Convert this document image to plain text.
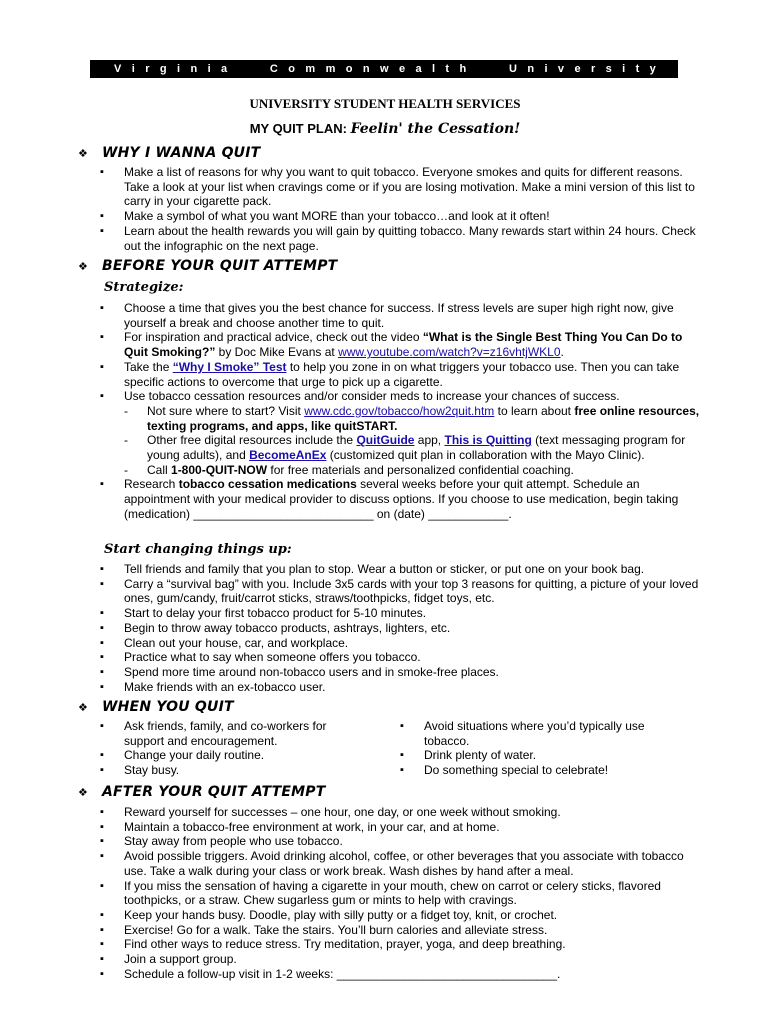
V i r g i n i a	C o m m o n w e a l t h	U n i v e r s i t y
UNIVERSITY STUDENT HEALTH SERVICES
MY QUIT PLAN: Feelin' the Cessation!
❖ WHY I WANNA QUIT
▪ Make a list of reasons for why you want to quit tobacco. Everyone smokes and quits for different reasons. Take a look at your list when cravings come or if you are losing motivation. Make a mini version of this list to carry in your cigarette pack.
▪ Make a symbol of what you want MORE than your tobacco…and look at it often!
▪ Learn about the health rewards you will gain by quitting tobacco. Many rewards start within 24 hours. Check out the infographic on the next page.
❖ BEFORE YOUR QUIT ATTEMPT
Strategize:
▪ Choose a time that gives you the best chance for success. If stress levels are super high right now, give yourself a break and choose another time to quit.
▪ For inspiration and practical advice, check out the video “What is the Single Best Thing You Can Do to Quit Smoking?” by Doc Mike Evans at www.youtube.com/watch?v=z16vhtjWKL0.
▪ Take the “Why I Smoke” Test to help you zone in on what triggers your tobacco use. Then you can take specific actions to overcome that urge to pick up a cigarette.
▪ Use tobacco cessation resources and/or consider meds to increase your chances of success.
- Not sure where to start? Visit www.cdc.gov/tobacco/how2quit.htm to learn about free online resources, texting programs, and apps, like quitSTART.
- Other free digital resources include the QuitGuide app, This is Quitting (text messaging program for young adults), and BecomeAnEx (customized quit plan in collaboration with the Mayo Clinic).
- Call 1-800-QUIT-NOW for free materials and personalized confidential coaching.
▪ Research tobacco cessation medications several weeks before your quit attempt. Schedule an appointment with your medical provider to discuss options. If you choose to use medication, begin taking (medication) ___________________________ on (date) ____________.
Start changing things up:
▪ Tell friends and family that you plan to stop. Wear a button or sticker, or put one on your book bag.
▪ Carry a “survival bag” with you. Include 3x5 cards with your top 3 reasons for quitting, a picture of your loved ones, gum/candy, fruit/carrot sticks, straws/toothpicks, fidget toys, etc.
▪ Start to delay your first tobacco product for 5-10 minutes.
▪ Begin to throw away tobacco products, ashtrays, lighters, etc.
▪ Clean out your house, car, and workplace.
▪ Practice what to say when someone offers you tobacco.
▪ Spend more time around non-tobacco users and in smoke-free places.
▪ Make friends with an ex-tobacco user.
❖ WHEN YOU QUIT
▪ Ask friends, family, and co-workers for support and encouragement.
▪ Change your daily routine.
▪ Stay busy.
▪ Avoid situations where you’d typically use tobacco.
▪ Drink plenty of water.
▪ Do something special to celebrate!
❖ AFTER YOUR QUIT ATTEMPT
▪ Reward yourself for successes – one hour, one day, or one week without smoking.
▪ Maintain a tobacco-free environment at work, in your car, and at home.
▪ Stay away from people who use tobacco.
▪ Avoid possible triggers. Avoid drinking alcohol, coffee, or other beverages that you associate with tobacco use. Take a walk during your class or work break. Wash dishes by hand after a meal.
▪ If you miss the sensation of having a cigarette in your mouth, chew on carrot or celery sticks, flavored toothpicks, or a straw. Chew sugarless gum or mints to help with cravings.
▪ Keep your hands busy. Doodle, play with silly putty or a fidget toy, knit, or crochet.
▪ Exercise! Go for a walk. Take the stairs. You’ll burn calories and alleviate stress.
▪ Find other ways to reduce stress. Try meditation, prayer, yoga, and deep breathing.
▪ Join a support group.
▪ Schedule a follow-up visit in 1-2 weeks: _________________________________.
